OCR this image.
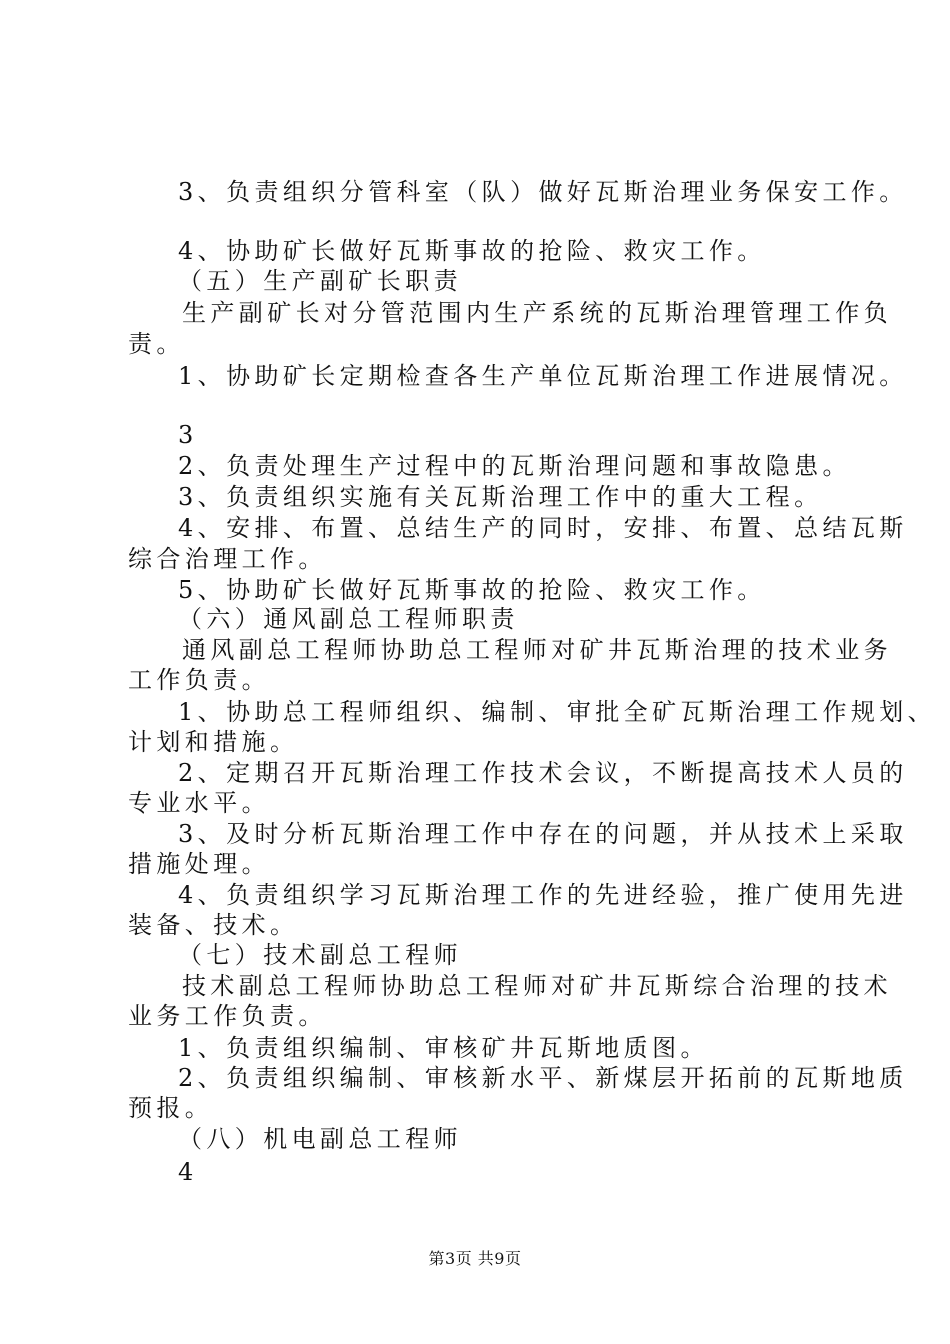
3、负责组织分管科室（队）做好瓦斯治理业务保安工作。
4、协助矿长做好瓦斯事故的抢险、救灾工作。
（五）生产副矿长职责
生产副矿长对分管范围内生产系统的瓦斯治理管理工作负
责。
1、协助矿长定期检查各生产单位瓦斯治理工作进展情况。
3
2、负责处理生产过程中的瓦斯治理问题和事故隐患。
3、负责组织实施有关瓦斯治理工作中的重大工程。
4、安排、布置、总结生产的同时，安排、布置、总结瓦斯
综合治理工作。
5、协助矿长做好瓦斯事故的抢险、救灾工作。
（六）通风副总工程师职责
通风副总工程师协助总工程师对矿井瓦斯治理的技术业务
工作负责。
1、协助总工程师组织、编制、审批全矿瓦斯治理工作规划、
计划和措施。
2、定期召开瓦斯治理工作技术会议，不断提高技术人员的
专业水平。
3、及时分析瓦斯治理工作中存在的问题，并从技术上采取
措施处理。
4、负责组织学习瓦斯治理工作的先进经验，推广使用先进
装备、技术。
（七）技术副总工程师
技术副总工程师协助总工程师对矿井瓦斯综合治理的技术
业务工作负责。
1、负责组织编制、审核矿井瓦斯地质图。
2、负责组织编制、审核新水平、新煤层开拓前的瓦斯地质
预报。
（八）机电副总工程师
4
第3页 共9页
